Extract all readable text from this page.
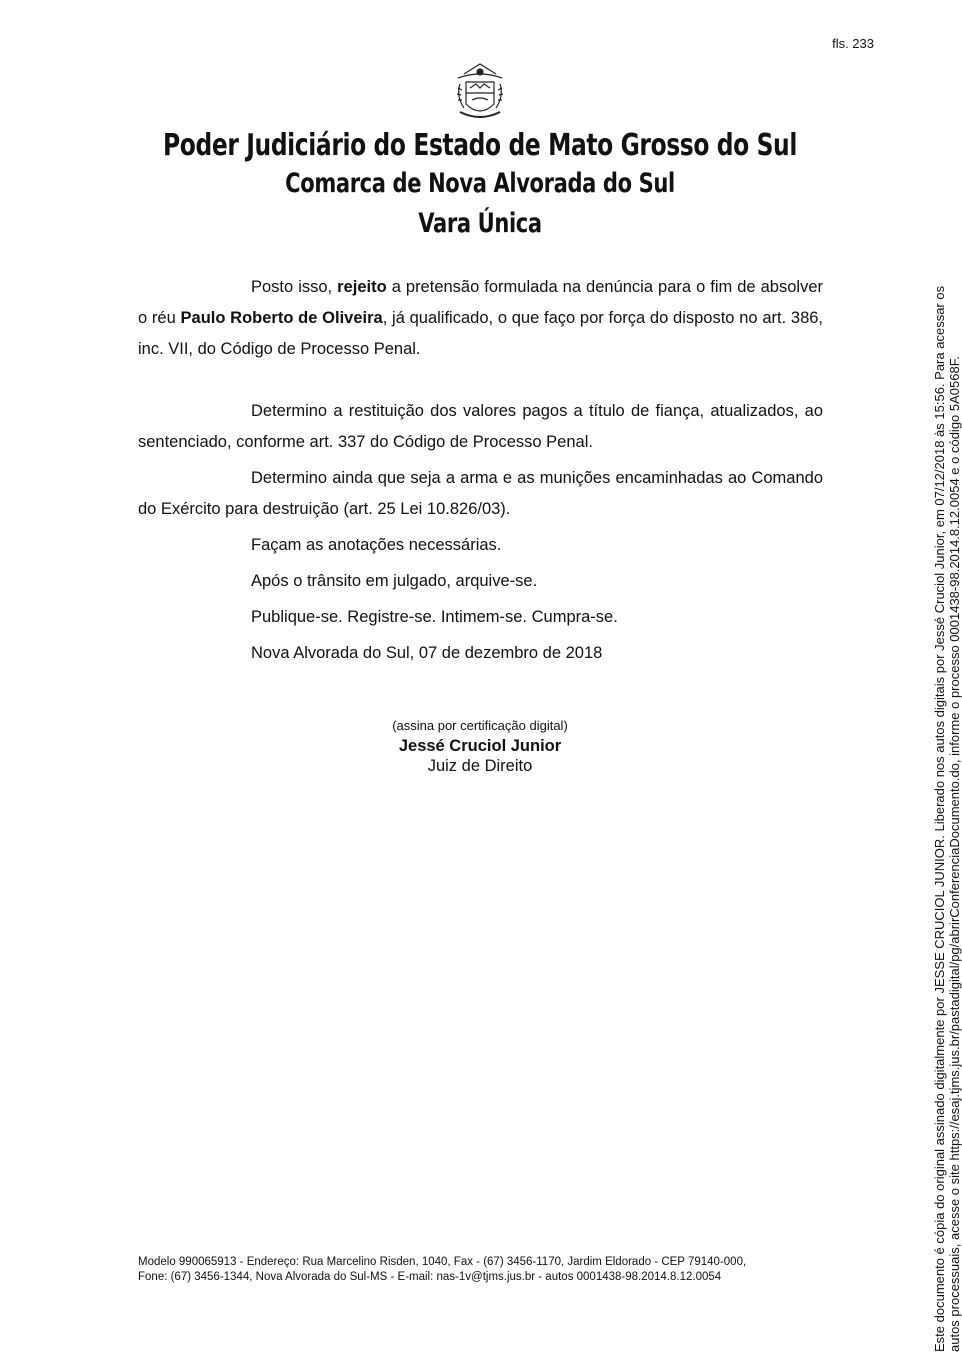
fls. 233
Poder Judiciário do Estado de Mato Grosso do Sul
Comarca de Nova Alvorada do Sul
Vara Única

Posto isso, rejeito a pretensão formulada na denúncia para o fim de absolver o réu Paulo Roberto de Oliveira, já qualificado, o que faço por força do disposto no art. 386, inc. VII, do Código de Processo Penal.

Determino a restituição dos valores pagos a título de fiança, atualizados, ao sentenciado, conforme art. 337 do Código de Processo Penal.

Determino ainda que seja a arma e as munições encaminhadas ao Comando do Exército para destruição (art. 25 Lei 10.826/03).

Façam as anotações necessárias.

Após o trânsito em julgado, arquive-se.

Publique-se. Registre-se. Intimem-se. Cumpra-se.

Nova Alvorada do Sul, 07 de dezembro de 2018

(assina por certificação digital)
Jessé Cruciol Junior
Juiz de Direito
Modelo 990065913 - Endereço: Rua Marcelino Risden, 1040, Fax - (67) 3456-1170, Jardim Eldorado - CEP 79140-000, Fone: (67) 3456-1344, Nova Alvorada do Sul-MS - E-mail: nas-1v@tjms.jus.br - autos 0001438-98.2014.8.12.0054	Este documento é cópia do original assinado digitalmente por JESSE CRUCIOL JUNIOR. Liberado nos autos digitais por Jessé Cruciol Junior, em 07/12/2018 às 15:56. Para acessar os autos processuais, acesse o site https://esaj.tjms.jus.br/pastadigital/pg/abrirConferenciaDocumento.do, informe o processo 0001438-98.2014.8.12.0054 e o código 5A0568F.
